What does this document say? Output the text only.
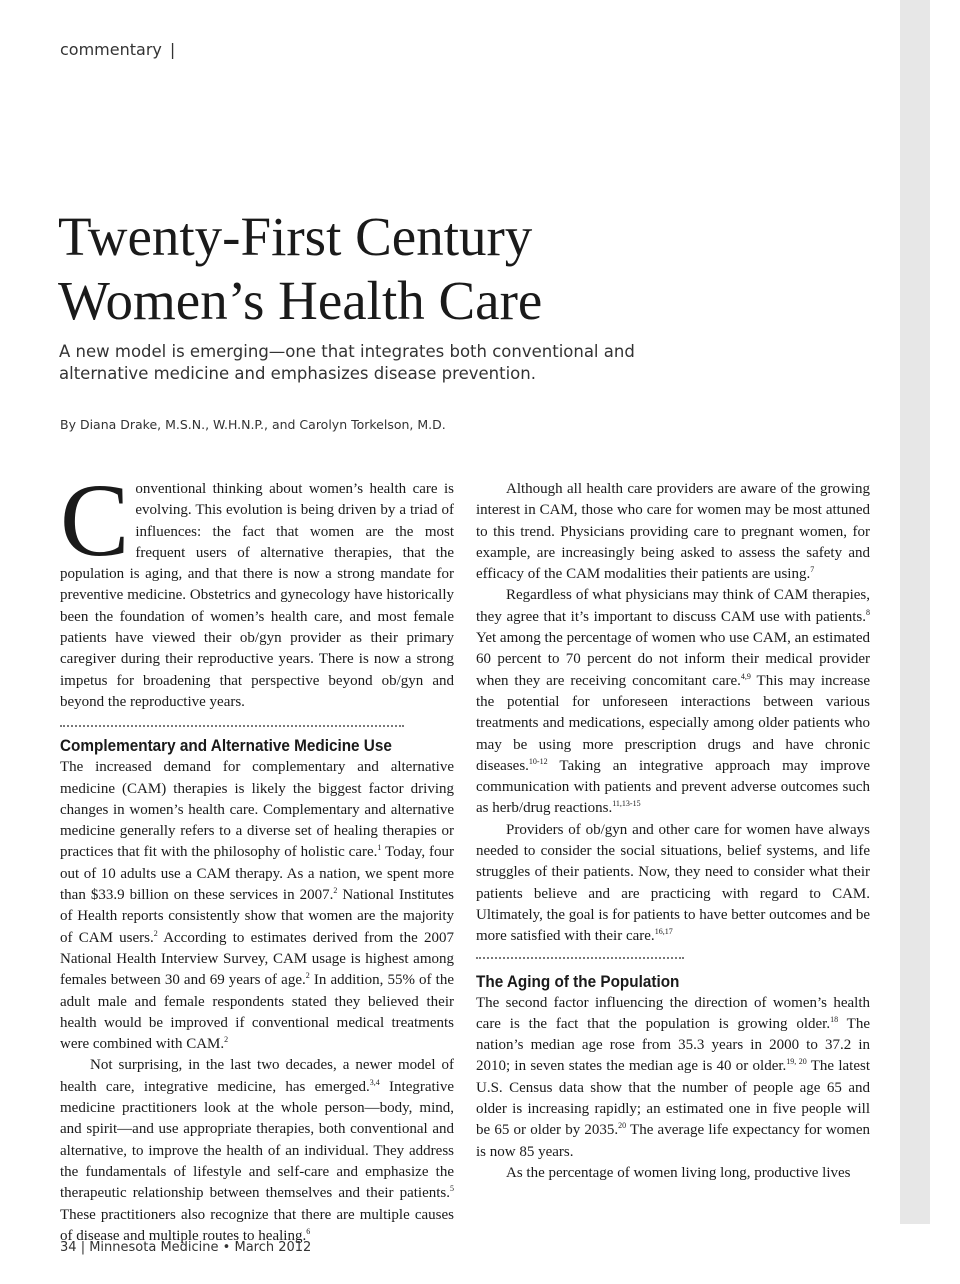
commentary |
Twenty-First Century
Women’s Health Care
A new model is emerging—one that integrates both conventional and alternative medicine and emphasizes disease prevention.
By Diana Drake, M.S.N., W.H.N.P., and Carolyn Torkelson, M.D.

Conventional thinking about women’s health care is evolving. This evolution is being driven by a triad of influences: the fact that women are the most frequent users of alternative therapies, that the population is aging, and that there is now a strong mandate for preventive medicine. Obstetrics and gynecology have historically been the foundation of women’s health care, and most female patients have viewed their ob/gyn provider as their primary caregiver during their reproductive years. There is now a strong impetus for broadening that perspective beyond ob/gyn and beyond the reproductive years.

Complementary and Alternative Medicine Use

The increased demand for complementary and alternative medicine (CAM) therapies is likely the biggest factor driving changes in women’s health care. Complementary and alternative medicine generally refers to a diverse set of healing therapies or practices that fit with the philosophy of holistic care.$^1$ Today, four out of 10 adults use a CAM therapy. As a nation, we spent more than $33.9 billion on these services in 2007.$^2$ National Institutes of Health reports consistently show that women are the majority of CAM users.$^2$ According to estimates derived from the 2007 National Health Interview Survey, CAM usage is highest among females between 30 and 69 years of age.$^2$ In addition, 55% of the adult male and female respondents stated they believed their health would be improved if conventional medical treatments were combined with CAM.$^2$

Not surprising, in the last two decades, a newer model of health care, integrative medicine, has emerged.$^{3,4}$ Integrative medicine practitioners look at the whole person—body, mind, and spirit—and use appropriate therapies, both conventional and alternative, to improve the health of an individual. They address the fundamentals of lifestyle and self-care and emphasize the therapeutic relationship between themselves and their patients.$^5$ These practitioners also recognize that there are multiple causes of disease and multiple routes to healing.$^6$

Although all health care providers are aware of the growing interest in CAM, those who care for women may be most attuned to this trend. Physicians providing care to pregnant women, for example, are increasingly being asked to assess the safety and efficacy of the CAM modalities their patients are using.$^7$

Regardless of what physicians may think of CAM therapies, they agree that it’s important to discuss CAM use with patients.$^8$ Yet among the percentage of women who use CAM, an estimated 60 percent to 70 percent do not inform their medical provider when they are receiving concomitant care.$^{4,9}$ This may increase the potential for unforeseen interactions between various treatments and medications, especially among older patients who may be using more prescription drugs and have chronic diseases.$^{10-12}$ Taking an integrative approach may improve communication with patients and prevent adverse outcomes such as herb/drug reactions.$^{11,13-15}$

Providers of ob/gyn and other care for women have always needed to consider the social situations, belief systems, and life struggles of their patients. Now, they need to consider what their patients believe and are practicing with regard to CAM. Ultimately, the goal is for patients to have better outcomes and be more satisfied with their care.$^{16,17}$

The Aging of the Population

The second factor influencing the direction of women’s health care is the fact that the population is growing older.$^{18}$ The nation’s median age rose from 35.3 years in 2000 to 37.2 in 2010; in seven states the median age is 40 or older.$^{19, 20}$ The latest U.S. Census data show that the number of people age 65 and older is increasing rapidly; an estimated one in five people will be 65 or older by 2035.20 The average life expectancy for women is now 85 years.

As the percentage of women living long, productive lives

34 | Minnesota Medicine • March 2012
